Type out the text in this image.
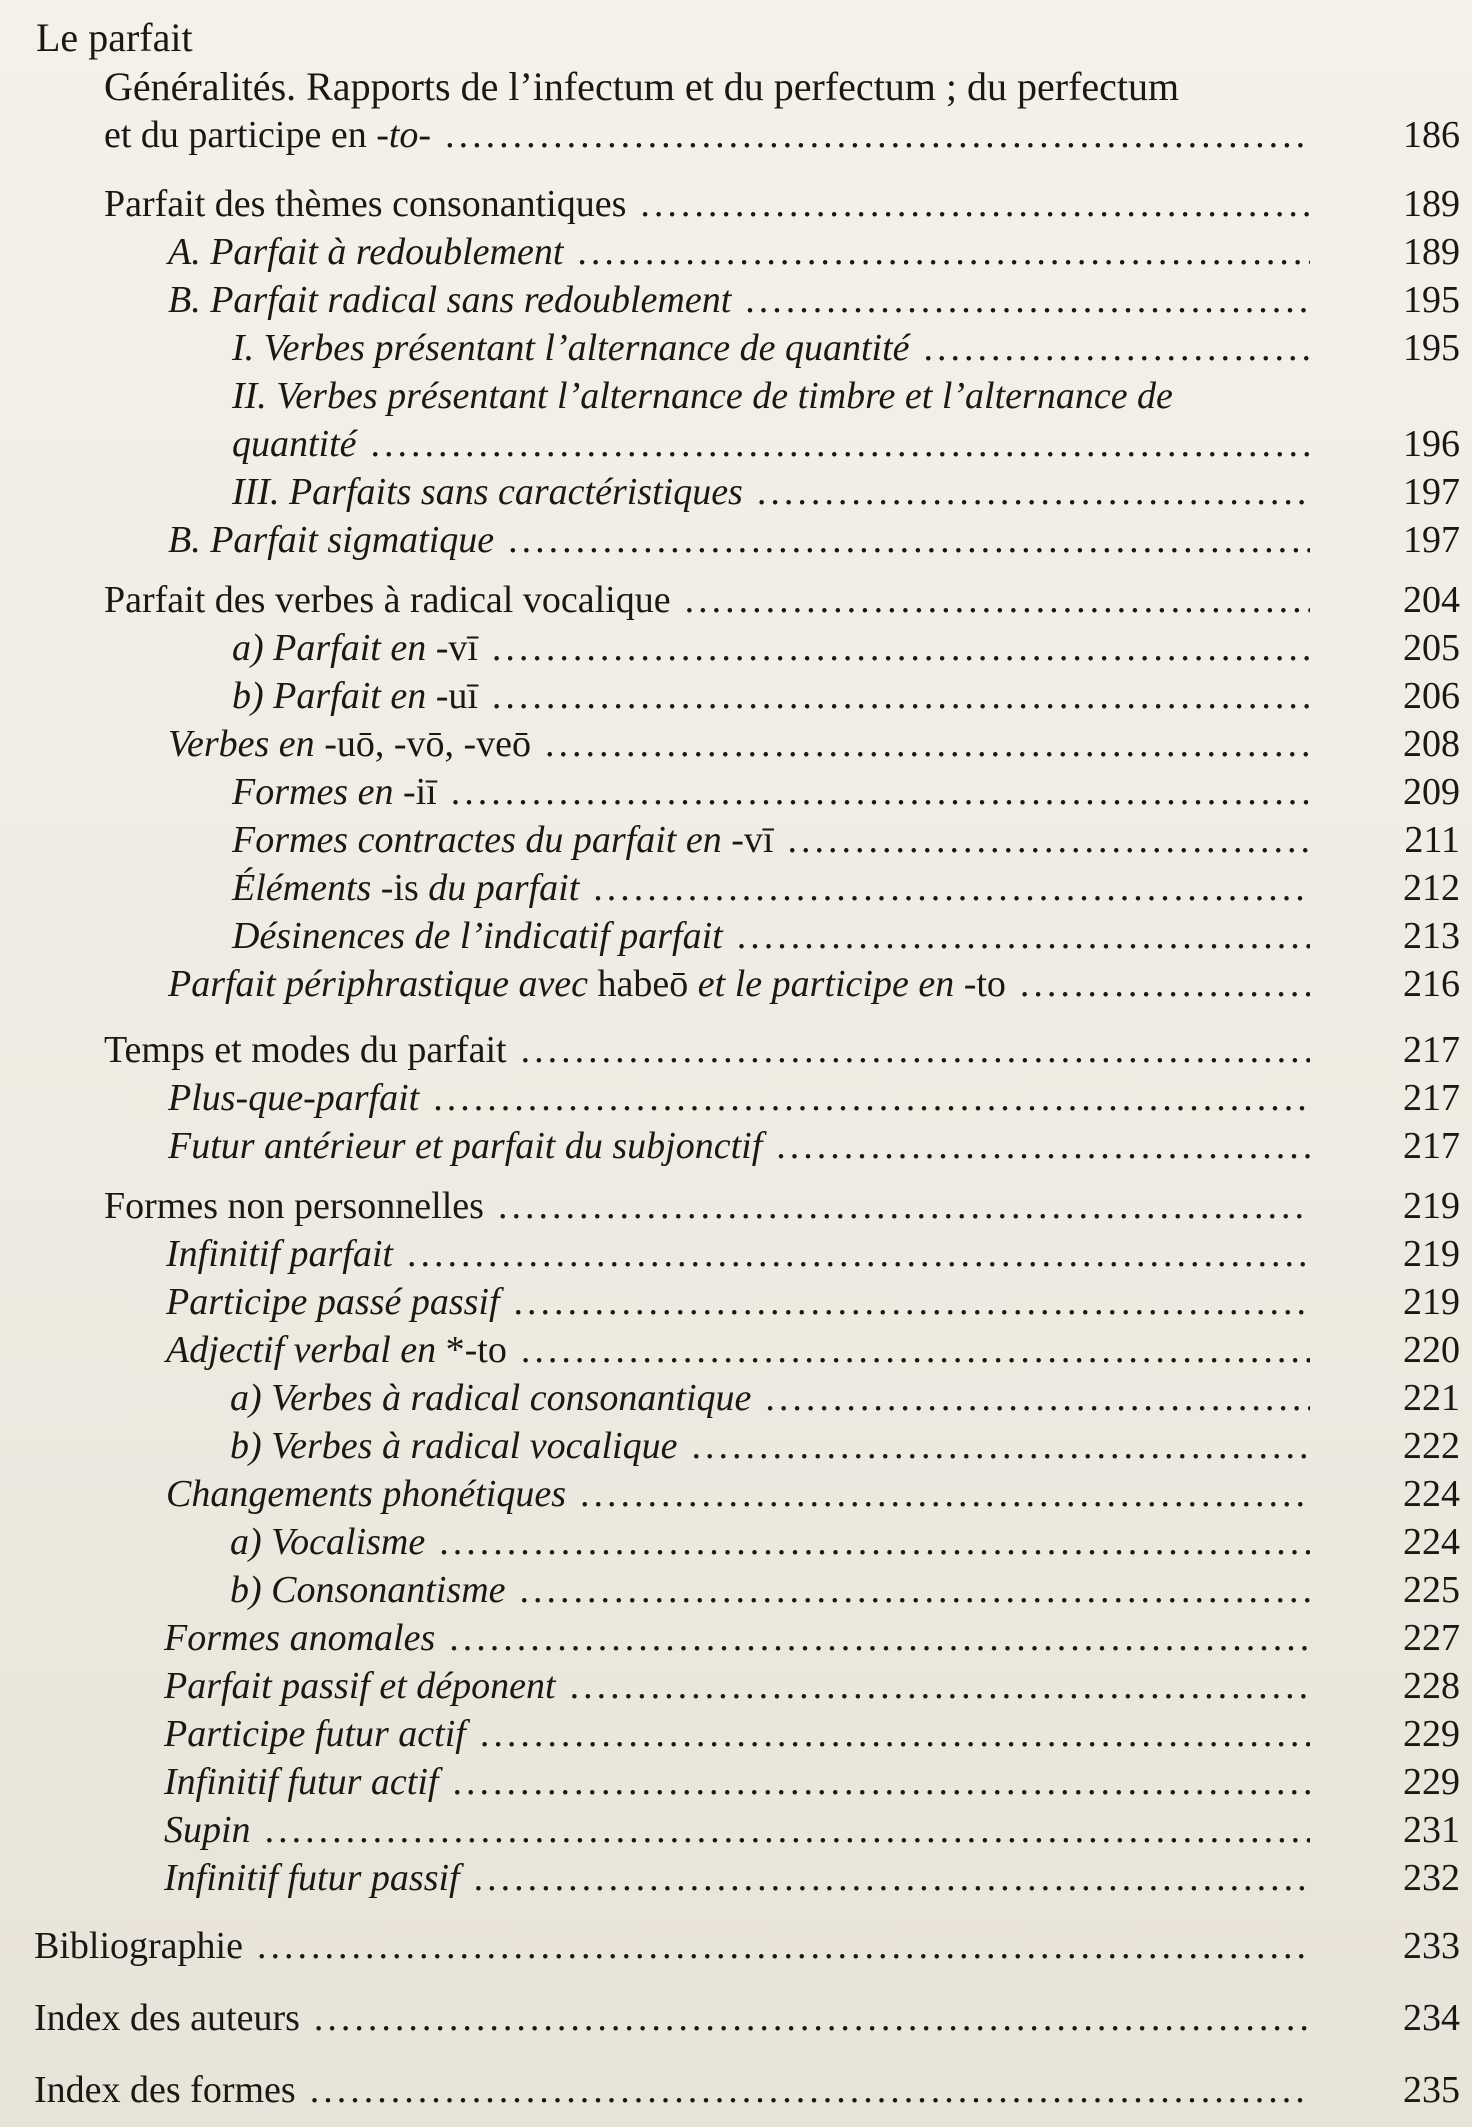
Le parfait
Généralités. Rapports de l’infectum et du perfectum ; du perfectum
et du participe en -to- .....	186
Parfait des thèmes consonantiques .....	189
A. Parfait à redoublement .....	189
B. Parfait radical sans redoublement .....	195
I. Verbes présentant l’alternance de quantité .....	195
II. Verbes présentant l’alternance de timbre et l’alternance de
quantité .....	196
III. Parfaits sans caractéristiques .....	197
B. Parfait sigmatique .....	197
Parfait des verbes à radical vocalique .....	204
a) Parfait en -vī .....	205
b) Parfait en -uī .....	206
Verbes en -uō, -vō, -veō .....	208
Formes en -iī .....	209
Formes contractes du parfait en -vī .....	211
Éléments -is du parfait .....	212
Désinences de l’indicatif parfait .....	213
Parfait périphrastique avec habeō et le participe en -to .....	216
Temps et modes du parfait .....	217
Plus-que-parfait .....	217
Futur antérieur et parfait du subjonctif .....	217
Formes non personnelles .....	219
Infinitif parfait .....	219
Participe passé passif .....	219
Adjectif verbal en *-to .....	220
a) Verbes à radical consonantique .....	221
b) Verbes à radical vocalique .....	222
Changements phonétiques .....	224
a) Vocalisme .....	224
b) Consonantisme .....	225
Formes anomales .....	227
Parfait passif et déponent .....	228
Participe futur actif .....	229
Infinitif futur actif .....	229
Supin .....	231
Infinitif futur passif .....	232
Bibliographie .....	233
Index des auteurs .....	234
Index des formes .....	235
